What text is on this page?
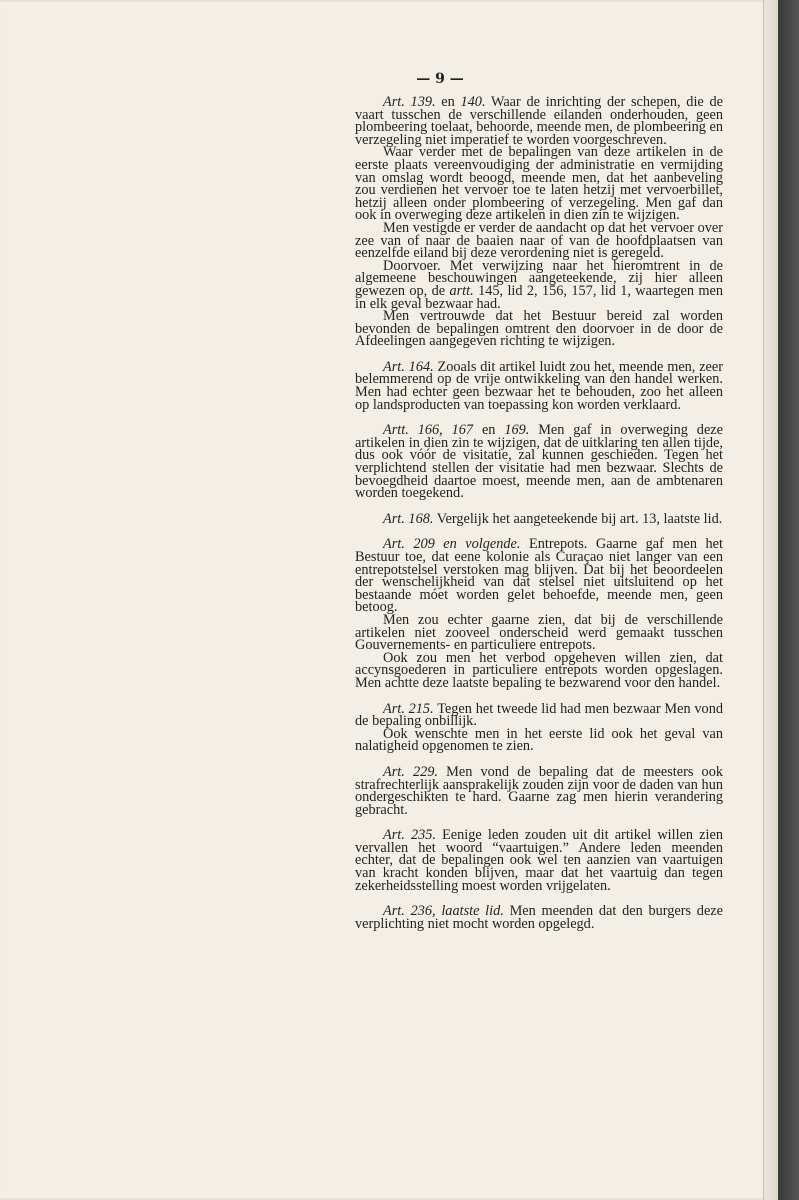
— 9 —

Art. 139. en 140. Waar de inrichting der schepen, die de vaart tusschen de verschillende eilanden onderhouden, geen plombeering toelaat, behoorde, meende men, de plombeering en verzegeling niet imperatief te worden voorgeschreven.

Waar verder met de bepalingen van deze artikelen in de eerste plaats vereenvoudiging der administratie en vermijding van omslag wordt beoogd, meende men, dat het aanbeveling zou verdienen het vervoer toe te laten hetzij met vervoerbillet, hetzij alleen onder plombeering of verzegeling. Men gaf dan ook in overweging deze artikelen in dien zin te wijzigen.

Men vestigde er verder de aandacht op dat het vervoer over zee van of naar de baaien naar of van de hoofdplaatsen van eenzelfde eiland bij deze verordening niet is geregeld.

Doorvoer. Met verwijzing naar het hieromtrent in de algemeene beschouwingen aangeteekende, zij hier alleen gewezen op, de artt. 145, lid 2, 156, 157, lid 1, waartegen men in elk geval bezwaar had.

Men vertrouwde dat het Bestuur bereid zal worden bevonden de bepalingen omtrent den doorvoer in de door de Afdeelingen aangegeven richting te wijzigen.

Art. 164. Zooals dit artikel luidt zou het, meende men, zeer belemmerend op de vrije ontwikkeling van den handel werken. Men had echter geen bezwaar het te behouden, zoo het alleen op landsproducten van toepassing kon worden verklaard.

Artt. 166, 167 en 169. Men gaf in overweging deze artikelen in dien zin te wijzigen, dat de uitklaring ten allen tijde, dus ook vóór de visitatie, zal kunnen geschieden. Tegen het verplichtend stellen der visitatie had men bezwaar. Slechts de bevoegdheid daartoe moest, meende men, aan de ambtenaren worden toegekend.

Art. 168. Vergelijk het aangeteekende bij art. 13, laatste lid.

Art. 209 en volgende. Entrepots. Gaarne gaf men het Bestuur toe, dat eene kolonie als Curaçao niet langer van een entrepotstelsel verstoken mag blijven. Dat bij het beoordeelen der wenschelijkheid van dat stelsel niet uitsluitend op het bestaande móet worden gelet behoefde, meende men, geen betoog.

Men zou echter gaarne zien, dat bij de verschillende artikelen niet zooveel onderscheid werd gemaakt tusschen Gouvernements- en particuliere entrepots.

Ook zou men het verbod opgeheven willen zien, dat accynsgoederen in particuliere entrepots worden opgeslagen. Men achtte deze laatste bepaling te bezwarend voor den handel.

Art. 215. Tegen het tweede lid had men bezwaar Men vond de bepaling onbillijk.

Ook wenschte men in het eerste lid ook het geval van nalatigheid opgenomen te zien.

Art. 229. Men vond de bepaling dat de meesters ook strafrechterlijk aansprakelijk zouden zijn voor de daden van hun ondergeschikten te hard. Gaarne zag men hierin verandering gebracht.

Art. 235. Eenige leden zouden uit dit artikel willen zien vervallen het woord “vaartuigen.” Andere leden meenden echter, dat de bepalingen ook wel ten aanzien van vaartuigen van kracht konden blijven, maar dat het vaartuig dan tegen zekerheidsstelling moest worden vrijgelaten.

Art. 236, laatste lid. Men meenden dat den burgers deze verplichting niet mocht worden opgelegd.
